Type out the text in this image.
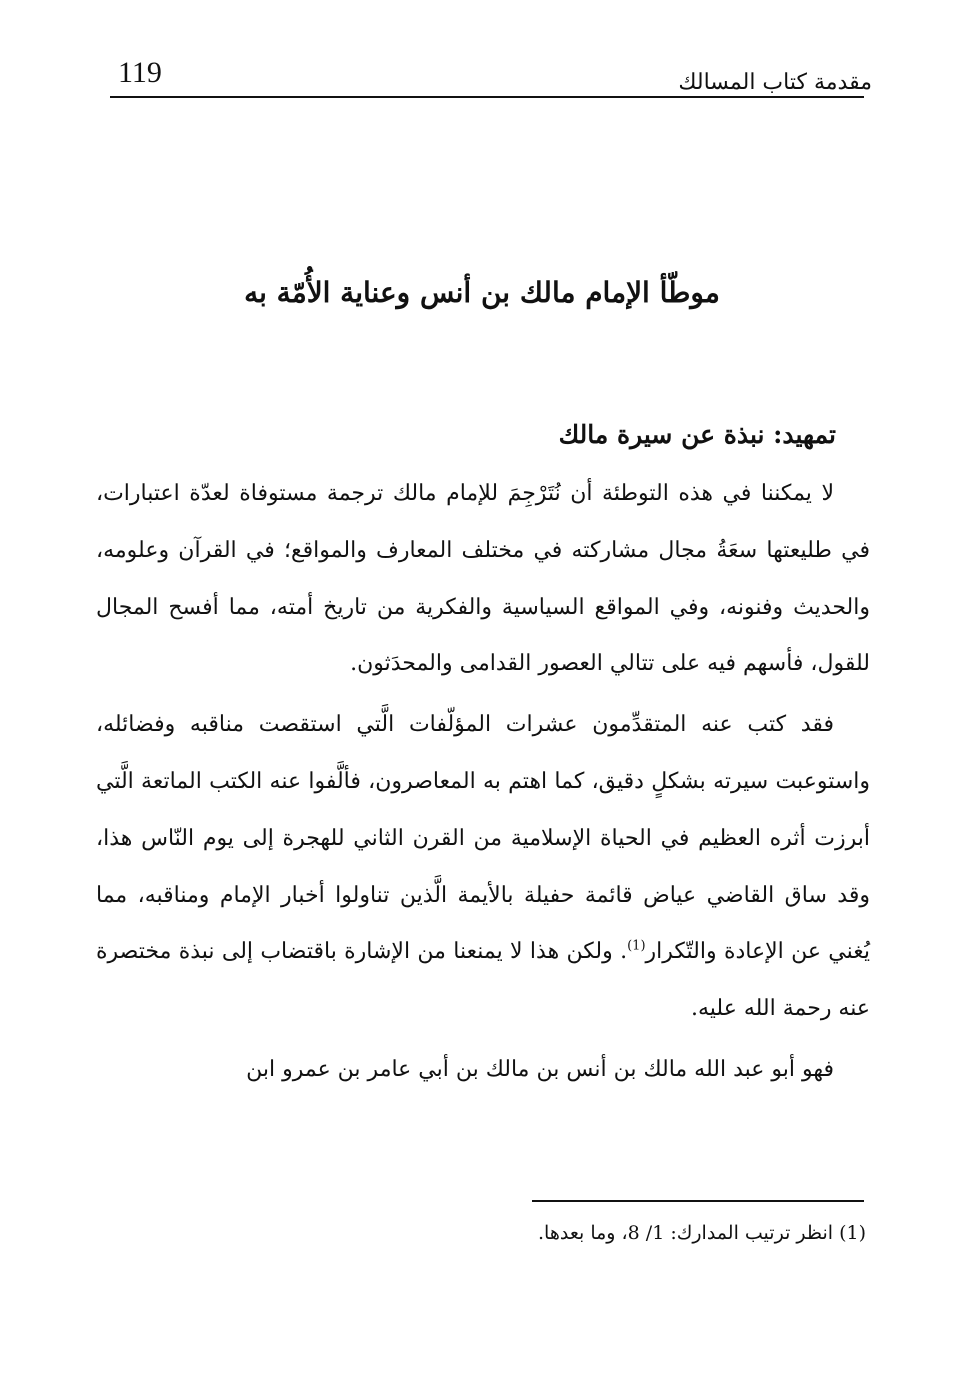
119	مقدمة كتاب المسالك
موطّأ الإمام مالك بن أنس وعناية الأُمّة به
تمهيد: نبذة عن سيرة مالك

لا يمكننا في هذه التوطئة أن نُتَرْجِمَ للإمام مالك ترجمة مستوفاة لعدّة اعتبارات، في طليعتها سعَةُ مجال مشاركته في مختلف المعارف والمواقع؛ في القرآن وعلومه، والحديث وفنونه، وفي المواقع السياسية والفكرية من تاريخ أمته، مما أفسح المجال للقول، فأسهم فيه على تتالي العصور القدامى والمحدَثون.

فقد كتب عنه المتقدِّمون عشرات المؤلّفات الَّتي استقصت مناقبه وفضائله، واستوعبت سيرته بشكلٍ دقيق، كما اهتم به المعاصرون، فألَّفوا عنه الكتب الماتعة الَّتي أبرزت أثره العظيم في الحياة الإسلامية من القرن الثاني للهجرة إلى يوم النّاس هذا، وقد ساق القاضي عياض قائمة حفيلة بالأيمة الَّذين تناولوا أخبار الإمام ومناقبه، مما يُغني عن الإعادة والتّكرار$^{(1)}$. ولكن هذا لا يمنعنا من الإشارة باقتضاب إلى نبذة مختصرة عنه رحمة الله عليه.

فهو أبو عبد الله مالك بن أنس بن مالك بن أبي عامر بن عمرو ابن

(1) انظر ترتيب المدارك: 1/ 8، وما بعدها.
